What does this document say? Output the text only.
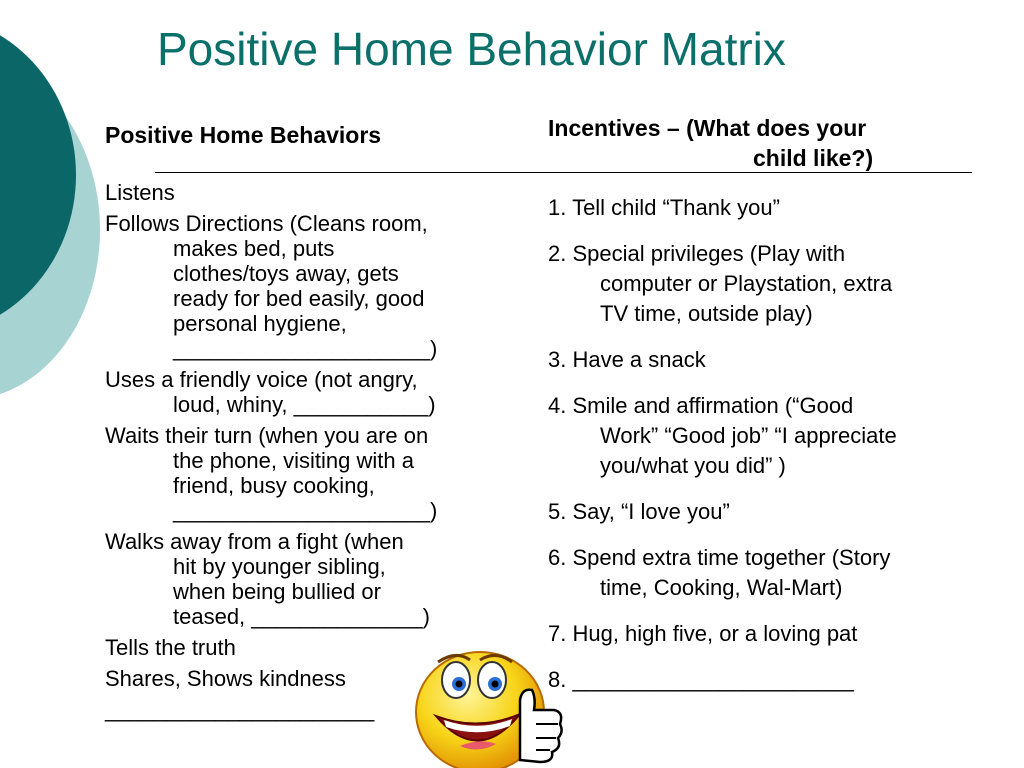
Positive Home Behavior Matrix
Positive Home Behaviors	Incentives – (What does your
child like?)
Listens
Follows Directions (Cleans room,
makes bed, puts
clothes/toys away, gets
ready for bed easily, good
personal hygiene,
_____________________)
Uses a friendly voice (not angry,
loud, whiny, ___________)
Waits their turn (when you are on
the phone, visiting with a
friend, busy cooking,
_____________________)
Walks away from a fight (when
hit by younger sibling,
when being bullied or
teased, ______________)
Tells the truth
Shares, Shows kindness
______________________
1. Tell child “Thank you”
2. Special privileges (Play with
computer or Playstation, extra
TV time, outside play)
3. Have a snack
4. Smile and affirmation (“Good
Work” “Good job” “I appreciate
you/what you did” )
5. Say, “I love you”
6. Spend extra time together (Story
time, Cooking, Wal-Mart)
7. Hug, high five, or a loving pat
8. _______________________
